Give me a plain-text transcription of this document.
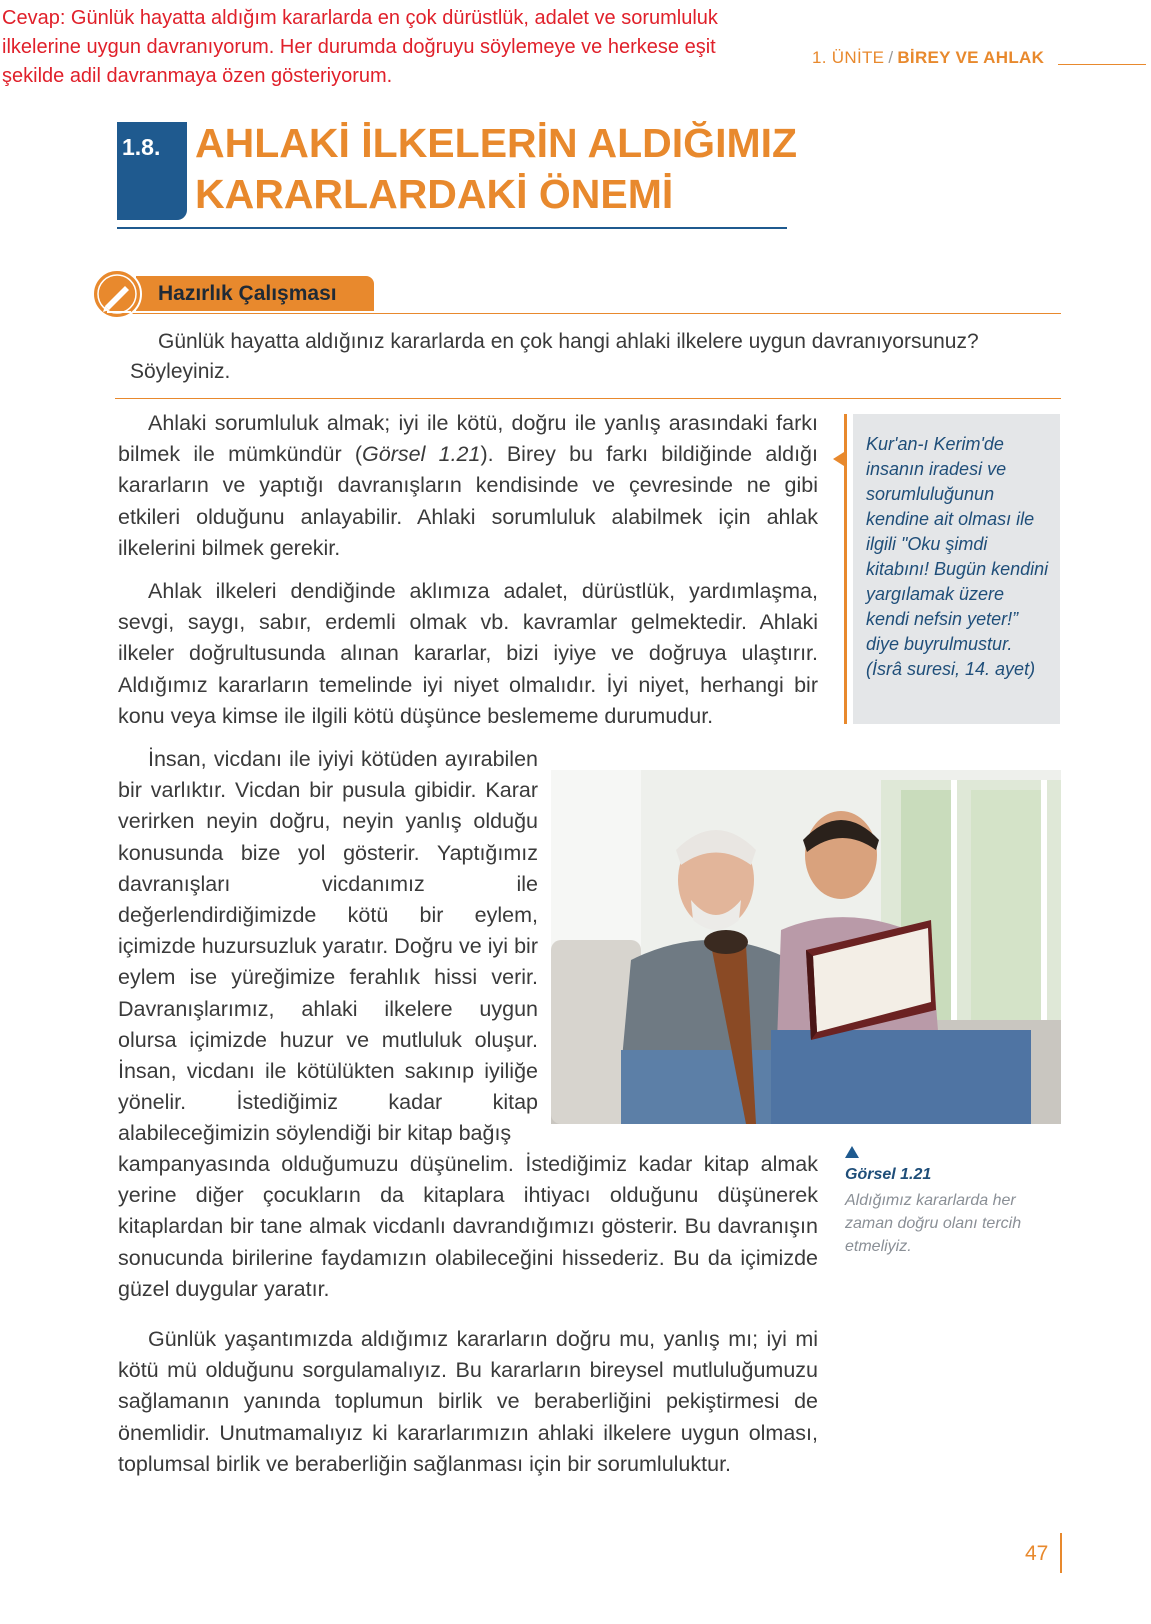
Cevap: Günlük hayatta aldığım kararlarda en çok dürüstlük, adalet ve sorumluluk ilkelerine uygun davranıyorum. Her durumda doğruyu söylemeye ve herkese eşit şekilde adil davranmaya özen gösteriyorum.
1. ÜNİTE / BİREY VE AHLAK
1.8. AHLAKİ İLKELERİN ALDIĞIMIZ
KARARLARDAKİ ÖNEMİ
Hazırlık Çalışması
Günlük hayatta aldığınız kararlarda en çok hangi ahlaki ilkelere uygun davranıyorsunuz? Söyleyiniz.
Ahlaki sorumluluk almak; iyi ile kötü, doğru ile yanlış arasındaki farkı bilmek ile mümkündür (Görsel 1.21). Birey bu farkı bildiğinde aldığı kararların ve yaptığı davranışların kendisinde ve çevresinde ne gibi etkileri olduğunu anlayabilir. Ahlaki sorumluluk alabilmek için ahlak ilkelerini bilmek gerekir.
Ahlak ilkeleri dendiğinde aklımıza adalet, dürüstlük, yardımlaşma, sevgi, saygı, sabır, erdemli olmak vb. kavramlar gelmektedir. Ahlaki ilkeler doğrultusunda alınan kararlar, bizi iyiye ve doğruya ulaştırır. Aldığımız kararların temelinde iyi niyet olmalıdır. İyi niyet, herhangi bir konu veya kimse ile ilgili kötü düşünce beslememe durumudur.
İnsan, vicdanı ile iyiyi kötüden ayırabilen bir varlıktır. Vicdan bir pusula gibidir. Karar verirken neyin doğru, neyin yanlış olduğu konusunda bize yol gösterir. Yaptığımız davranışları vicdanımız ile değerlendirdiğimizde kötü bir eylem, içimizde huzursuzluk yaratır. Doğru ve iyi bir eylem ise yüreğimize ferahlık hissi verir. Davranışlarımız, ahlaki ilkelere uygun olursa içimizde huzur ve mutluluk oluşur. İnsan, vicdanı ile kötülükten sakınıp iyiliğe yönelir. İstediğimiz kadar kitap alabileceğimizin söylendiği bir kitap bağış
kampanyasında olduğumuzu düşünelim. İstediğimiz kadar kitap almak yerine diğer çocukların da kitaplara ihtiyacı olduğunu düşünerek kitaplardan bir tane almak vicdanlı davrandığımızı gösterir. Bu davranışın sonucunda birilerine faydamızın olabileceğini hissederiz. Bu da içimizde güzel duygular yaratır.
Günlük yaşantımızda aldığımız kararların doğru mu, yanlış mı; iyi mi kötü mü olduğunu sorgulamalıyız. Bu kararların bireysel mutluluğumuzu sağlamanın yanında toplumun birlik ve beraberliğini pekiştirmesi de önemlidir. Unutmamalıyız ki kararlarımızın ahlaki ilkelere uygun olması, toplumsal birlik ve beraberliğin sağlanması için bir sorumluluktur.
Kur'an-ı Kerim'de insanın iradesi ve sorumluluğunun kendine ait olması ile ilgili "Oku şimdi kitabını! Bugün kendini yargılamak üzere kendi nefsin yeter!” diye buyrulmustur. (İsrâ suresi, 14. ayet)
Görsel 1.21
Aldığımız kararlarda her zaman doğru olanı tercih etmeliyiz.
47
